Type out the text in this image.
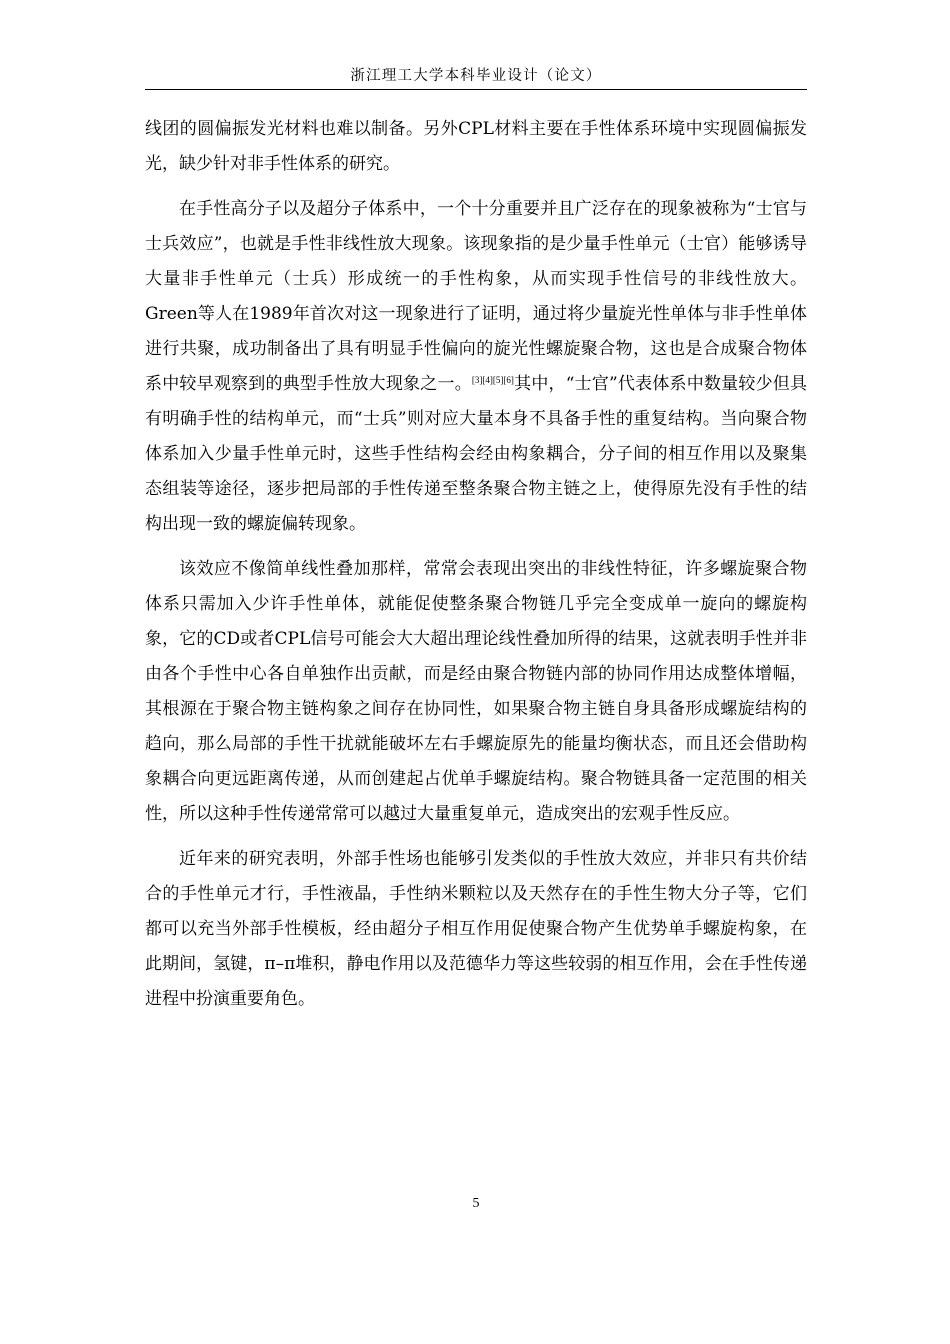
浙江理工大学本科毕业设计（论文）

线团的圆偏振发光材料也难以制备。另外CPL材料主要在手性体系环境中实现圆偏振发光，缺少针对非手性体系的研究。

在手性高分子以及超分子体系中，一个十分重要并且广泛存在的现象被称为“士官与士兵效应”，也就是手性非线性放大现象。该现象指的是少量手性单元（士官）能够诱导大量非手性单元（士兵）形成统一的手性构象，从而实现手性信号的非线性放大。Green等人在1989年首次对这一现象进行了证明，通过将少量旋光性单体与非手性单体进行共聚，成功制备出了具有明显手性偏向的旋光性螺旋聚合物，这也是合成聚合物体系中较早观察到的典型手性放大现象之一。[3][4][5][6]其中，“士官”代表体系中数量较少但具有明确手性的结构单元，而“士兵”则对应大量本身不具备手性的重复结构。当向聚合物体系加入少量手性单元时，这些手性结构会经由构象耦合，分子间的相互作用以及聚集态组装等途径，逐步把局部的手性传递至整条聚合物主链之上，使得原先没有手性的结构出现一致的螺旋偏转现象。

该效应不像简单线性叠加那样，常常会表现出突出的非线性特征，许多螺旋聚合物体系只需加入少许手性单体，就能促使整条聚合物链几乎完全变成单一旋向的螺旋构象，它的CD或者CPL信号可能会大大超出理论线性叠加所得的结果，这就表明手性并非由各个手性中心各自单独作出贡献，而是经由聚合物链内部的协同作用达成整体增幅，其根源在于聚合物主链构象之间存在协同性，如果聚合物主链自身具备形成螺旋结构的趋向，那么局部的手性干扰就能破坏左右手螺旋原先的能量均衡状态，而且还会借助构象耦合向更远距离传递，从而创建起占优单手螺旋结构。聚合物链具备一定范围的相关性，所以这种手性传递常常可以越过大量重复单元，造成突出的宏观手性反应。

近年来的研究表明，外部手性场也能够引发类似的手性放大效应，并非只有共价结合的手性单元才行，手性液晶，手性纳米颗粒以及天然存在的手性生物大分子等，它们都可以充当外部手性模板，经由超分子相互作用促使聚合物产生优势单手螺旋构象，在此期间，氢键，π–π堆积，静电作用以及范德华力等这些较弱的相互作用，会在手性传递进程中扮演重要角色。

5
